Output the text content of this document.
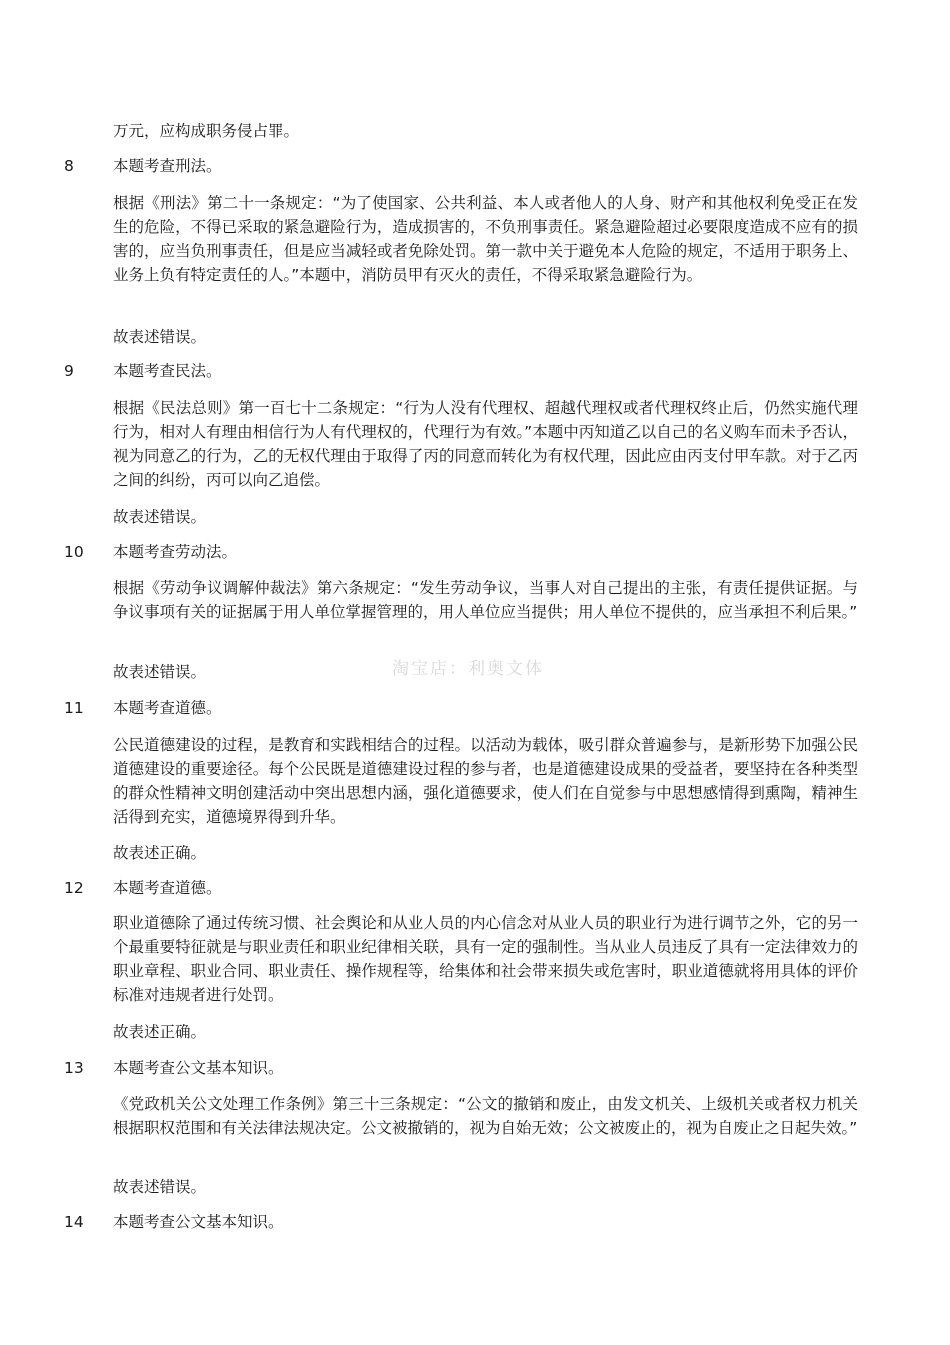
万元，应构成职务侵占罪。
8	本题考查刑法。
根据《刑法》第二十一条规定：“为了使国家、公共利益、本人或者他人的人身、财产和其他权利免受正在发生的危险，不得已采取的紧急避险行为，造成损害的，不负刑事责任。紧急避险超过必要限度造成不应有的损害的，应当负刑事责任，但是应当减轻或者免除处罚。第一款中关于避免本人危险的规定，不适用于职务上、业务上负有特定责任的人。”本题中，消防员甲有灭火的责任，不得采取紧急避险行为。
故表述错误。
9	本题考查民法。
根据《民法总则》第一百七十二条规定：“行为人没有代理权、超越代理权或者代理权终止后，仍然实施代理行为，相对人有理由相信行为人有代理权的，代理行为有效。”本题中丙知道乙以自己的名义购车而未予否认，视为同意乙的行为，乙的无权代理由于取得了丙的同意而转化为有权代理，因此应由丙支付甲车款。对于乙丙之间的纠纷，丙可以向乙追偿。
故表述错误。
10 本题考查劳动法。
根据《劳动争议调解仲裁法》第六条规定：“发生劳动争议，当事人对自己提出的主张，有责任提供证据。与争议事项有关的证据属于用人单位掌握管理的，用人单位应当提供；用人单位不提供的，应当承担不利后果。”
故表述错误。
11 本题考查道德。
公民道德建设的过程，是教育和实践相结合的过程。以活动为载体，吸引群众普遍参与，是新形势下加强公民道德建设的重要途径。每个公民既是道德建设过程的参与者，也是道德建设成果的受益者，要坚持在各种类型的群众性精神文明创建活动中突出思想内涵，强化道德要求，使人们在自觉参与中思想感情得到熏陶，精神生活得到充实，道德境界得到升华。
故表述正确。
12 本题考查道德。
职业道德除了通过传统习惯、社会舆论和从业人员的内心信念对从业人员的职业行为进行调节之外，它的另一个最重要特征就是与职业责任和职业纪律相关联，具有一定的强制性。当从业人员违反了具有一定法律效力的职业章程、职业合同、职业责任、操作规程等，给集体和社会带来损失或危害时，职业道德就将用具体的评价标准对违规者进行处罚。
故表述正确。
13 本题考查公文基本知识。
《党政机关公文处理工作条例》第三十三条规定：“公文的撤销和废止，由发文机关、上级机关或者权力机关根据职权范围和有关法律法规决定。公文被撤销的，视为自始无效；公文被废止的，视为自废止之日起失效。”
故表述错误。
14 本题考查公文基本知识。
淘宝店：利奥文体
